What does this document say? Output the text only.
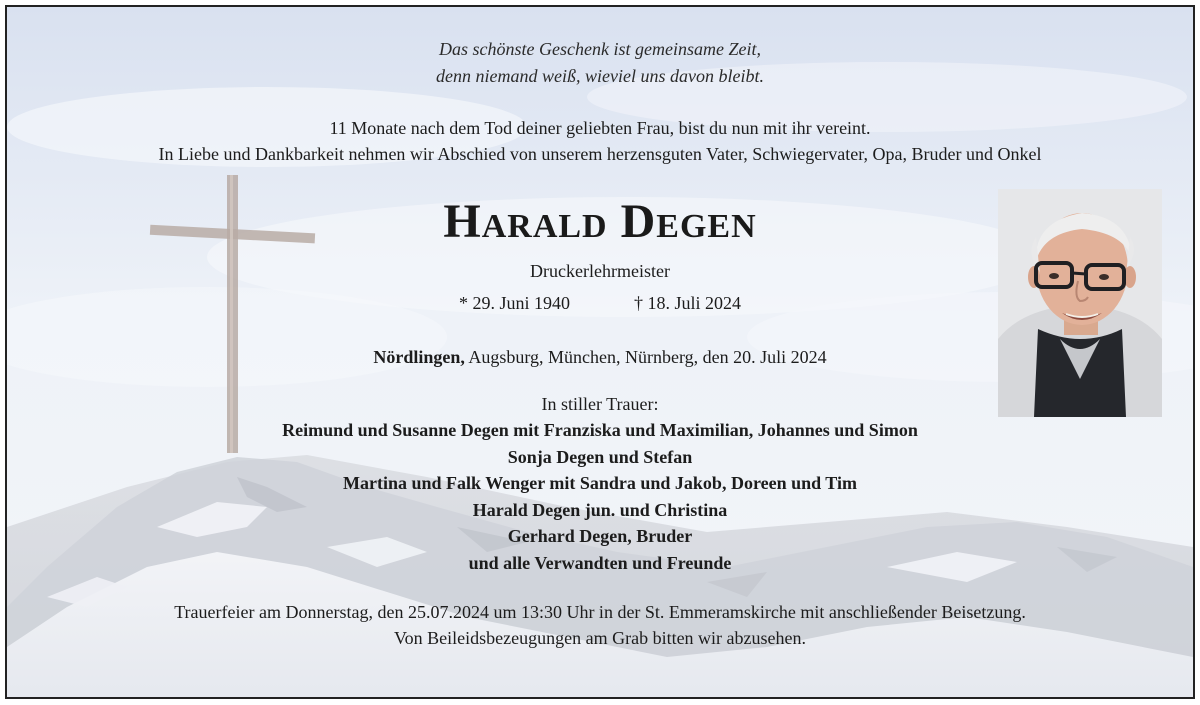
Das schönste Geschenk ist gemeinsame Zeit,
denn niemand weiß, wieviel uns davon bleibt.

11 Monate nach dem Tod deiner geliebten Frau, bist du nun mit ihr vereint.
In Liebe und Dankbarkeit nehmen wir Abschied von unserem herzensguten Vater, Schwiegervater, Opa, Bruder und Onkel

Harald Degen

Druckerlehrmeister

* 29. Juni 1940	† 18. Juli 2024

Nördlingen, Augsburg, München, Nürnberg, den 20. Juli 2024

In stiller Trauer:

Reimund und Susanne Degen mit Franziska und Maximilian, Johannes und Simon
Sonja Degen und Stefan
Martina und Falk Wenger mit Sandra und Jakob, Doreen und Tim
Harald Degen jun. und Christina
Gerhard Degen, Bruder
und alle Verwandten und Freunde

Trauerfeier am Donnerstag, den 25.07.2024 um 13:30 Uhr in der St. Emmeramskirche mit anschließender Beisetzung.
Von Beileidsbezeugungen am Grab bitten wir abzusehen.
